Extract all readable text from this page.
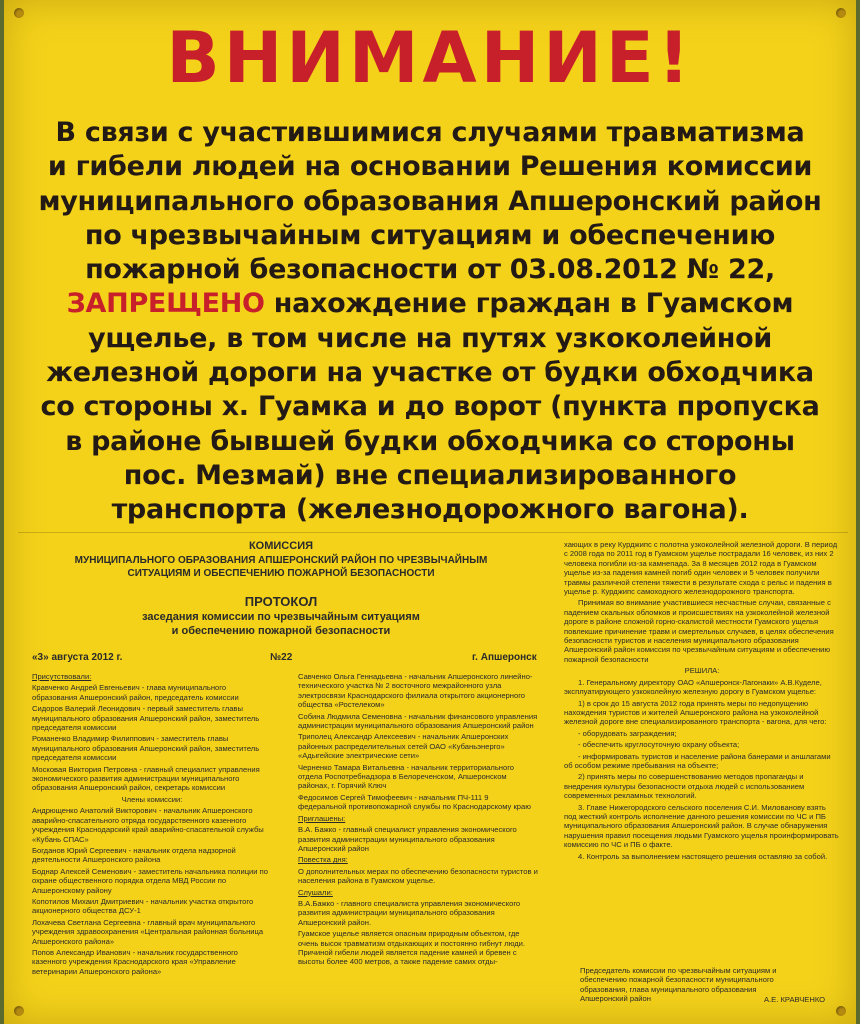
ВНИМАНИЕ!
В связи с участившимися случаями травматизма
и гибели людей на основании Решения комиссии
муниципального образования Апшеронский район
по чрезвычайным ситуациям и обеспечению
пожарной безопасности от 03.08.2012 № 22,
ЗАПРЕЩЕНО нахождение граждан в Гуамском
ущелье, в том числе на путях узкоколейной
железной дороги на участке от будки обходчика
со стороны х. Гуамка и до ворот (пункта пропуска
в районе бывшей будки обходчика со стороны
пос. Мезмай) вне специализированного
транспорта (железнодорожного вагона).
КОМИССИЯ
МУНИЦИПАЛЬНОГО ОБРАЗОВАНИЯ АПШЕРОНСКИЙ РАЙОН ПО ЧРЕЗВЫЧАЙНЫМ
СИТУАЦИЯМ И ОБЕСПЕЧЕНИЮ ПОЖАРНОЙ БЕЗОПАСНОСТИ
ПРОТОКОЛ
заседания комиссии по чрезвычайным ситуациям
и обеспечению пожарной безопасности
«3» августа 2012 г.	№22	г. Апшеронск

Присутствовали:

Кравченко Андрей Евгеньевич - глава муниципального образования Апшеронский район, председатель комиссии

Сидоров Валерий Леонидович - первый заместитель главы муниципального образования Апшеронский район, заместитель председателя комиссии

Романенко Владимир Филиппович - заместитель главы муниципального образования Апшеронский район, заместитель председателя комиссии

Московая Виктория Петровна - главный специалист управления экономического развития администрации муниципального образования Апшеронский район, секретарь комиссии

Члены комиссии:

Андрющенко Анатолий Викторович - начальник Апшеронского аварийно-спасательного отряда государственного казенного учреждения Краснодарский край аварийно-спасательной службы «Кубань СПАС»

Богданов Юрий Сергеевич - начальник отдела надзорной деятельности Апшеронского района

Боднар Алексей Семенович - заместитель начальника полиции по охране общественного порядка отдела МВД России по Апшеронскому району

Копотилов Михаил Дмитриевич - начальник участка открытого акционерного общества ДСУ-1

Лохачева Светлана Сергеевна - главный врач муниципального учреждения здравоохранения «Центральная районная больница Апшеронского района»

Попов Александр Иванович - начальник государственного казенного учреждения Краснодарского края «Управление ветеринарии Апшеронского района»

Савченко Ольга Геннадьевна - начальник Апшеронского линейно-технического участка № 2 восточного межрайонного узла электросвязи Краснодарского филиала открытого акционерного общества «Ростелеком»

Собина Людмила Семеновна - начальник финансового управления администрации муниципального образования Апшеронский район

Триполец Александр Алексеевич - начальник Апшеронских районных распределительных сетей ОАО «Кубаньэнерго» «Адыгейские электрические сети»

Черненко Тамара Витальевна - начальник территориального отдела Роспотребнадзора в Белореченском, Апшеронском районах, г. Горячий Ключ

Федосимов Сергей Тимофеевич - начальник ПЧ-111 9 федеральной противопожарной службы по Краснодарскому краю

Приглашены:

В.А. Бажко - главный специалист управления экономического развития администрации муниципального образования Апшеронский район

Повестка дня:

О дополнительных мерах по обеспечению безопасности туристов и населения района в Гуамском ущелье.

Слушали:

В.А.Бажко - главного специалиста управления экономического развития администрации муниципального образования Апшеронский район.

Гуамское ущелье является опасным природным объектом, где очень высок травматизм отдыхающих и постоянно гибнут люди. Причиной гибели людей является падение камней и бревен с высоты более 400 метров, а также падение самих отды-

хающих в реку Курджипс с полотна узкоколейной железной дороги. В период с 2008 года по 2011 год в Гуамском ущелье пострадали 16 человек, из них 2 человека погибли из-за камнепада. За 8 месяцев 2012 года в Гуамском ущелье из-за падения камней погиб один человек и 5 человек получили травмы различной степени тяжести в результате схода с рельс и падения в ущелье р. Курджипс самоходного железнодорожного транспорта.

Принимая во внимание участившиеся несчастные случаи, связанные с падением скальных обломков и происшествиях на узкоколейной железной дороге в районе сложной горно-скалистой местности Гуамского ущелья повлекшие причинение травм и смертельных случаев, в целях обеспечения безопасности туристов и населения муниципального образования Апшеронский район комиссия по чрезвычайным ситуациям и обеспечению пожарной безопасности

РЕШИЛА:

1. Генеральному директору ОАО «Апшеронск-Лагонаки» А.В.Куделе, эксплуатирующего узкоколейную железную дорогу в Гуамском ущелье:

1) в срок до 15 августа 2012 года принять меры по недопущению нахождения туристов и жителей Апшеронского района на узкоколейной железной дороге вне специализированного транспорта - вагона, для чего:

- оборудовать заграждения;

- обеспечить круглосуточную охрану объекта;

- информировать туристов и население района банерами и аншлагами об особом режиме пребывания на объекте;

2) принять меры по совершенствованию методов пропаганды и внедрения культуры безопасности отдыха людей с использованием современных рекламных технологий.

3. Главе Нижегородского сельского поселения С.И. Милованову взять под жесткий контроль исполнение данного решения комиссии по ЧС и ПБ муниципального образования Апшеронский район. В случае обнаружения нарушения правил посещения людьми Гуамского ущелья проинформировать комиссию по ЧС и ПБ о факте.

4. Контроль за выполнением настоящего решения оставляю за собой.

Председатель комиссии по чрезвычайным ситуациям и обеспечению пожарной безопасности муниципального образования, глава муниципального образования Апшеронский район	А.Е. КРАВЧЕНКО
